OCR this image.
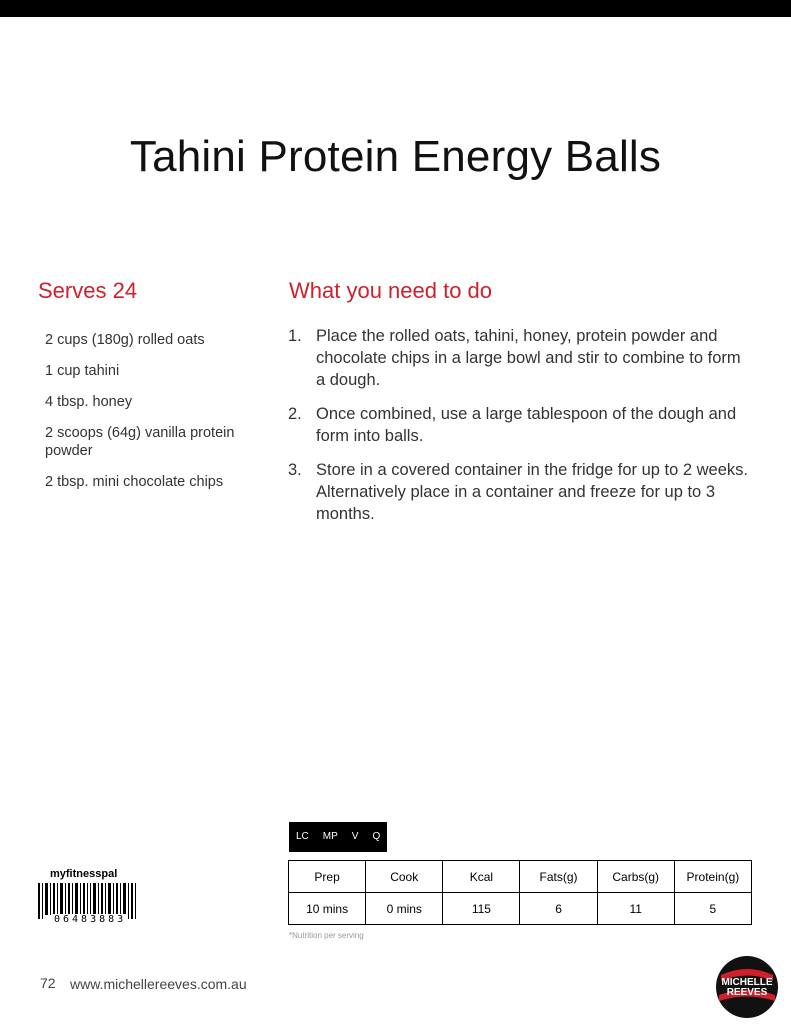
Tahini Protein Energy Balls
Serves 24	What you need to do
2 cups (180g) rolled oats
1 cup tahini
4 tbsp. honey
2 scoops (64g) vanilla protein powder
2 tbsp. mini chocolate chips
1. Place the rolled oats, tahini, honey, protein powder and chocolate chips in a large bowl and stir to combine to form a dough.
2. Once combined, use a large tablespoon of the dough and form into balls.
3. Store in a covered container in the fridge for up to 2 weeks. Alternatively place in a container and freeze for up to 3 months.
LC	MP	V	Q
myfitnesspal
06483883
Prep	Cook	Kcal	Fats(g)	Carbs(g)	Protein(g)
10 mins	0 mins	115	6	11	5
*Nutrition per serving
72 www.michellereeves.com.au	MICHELLE
REEVES
